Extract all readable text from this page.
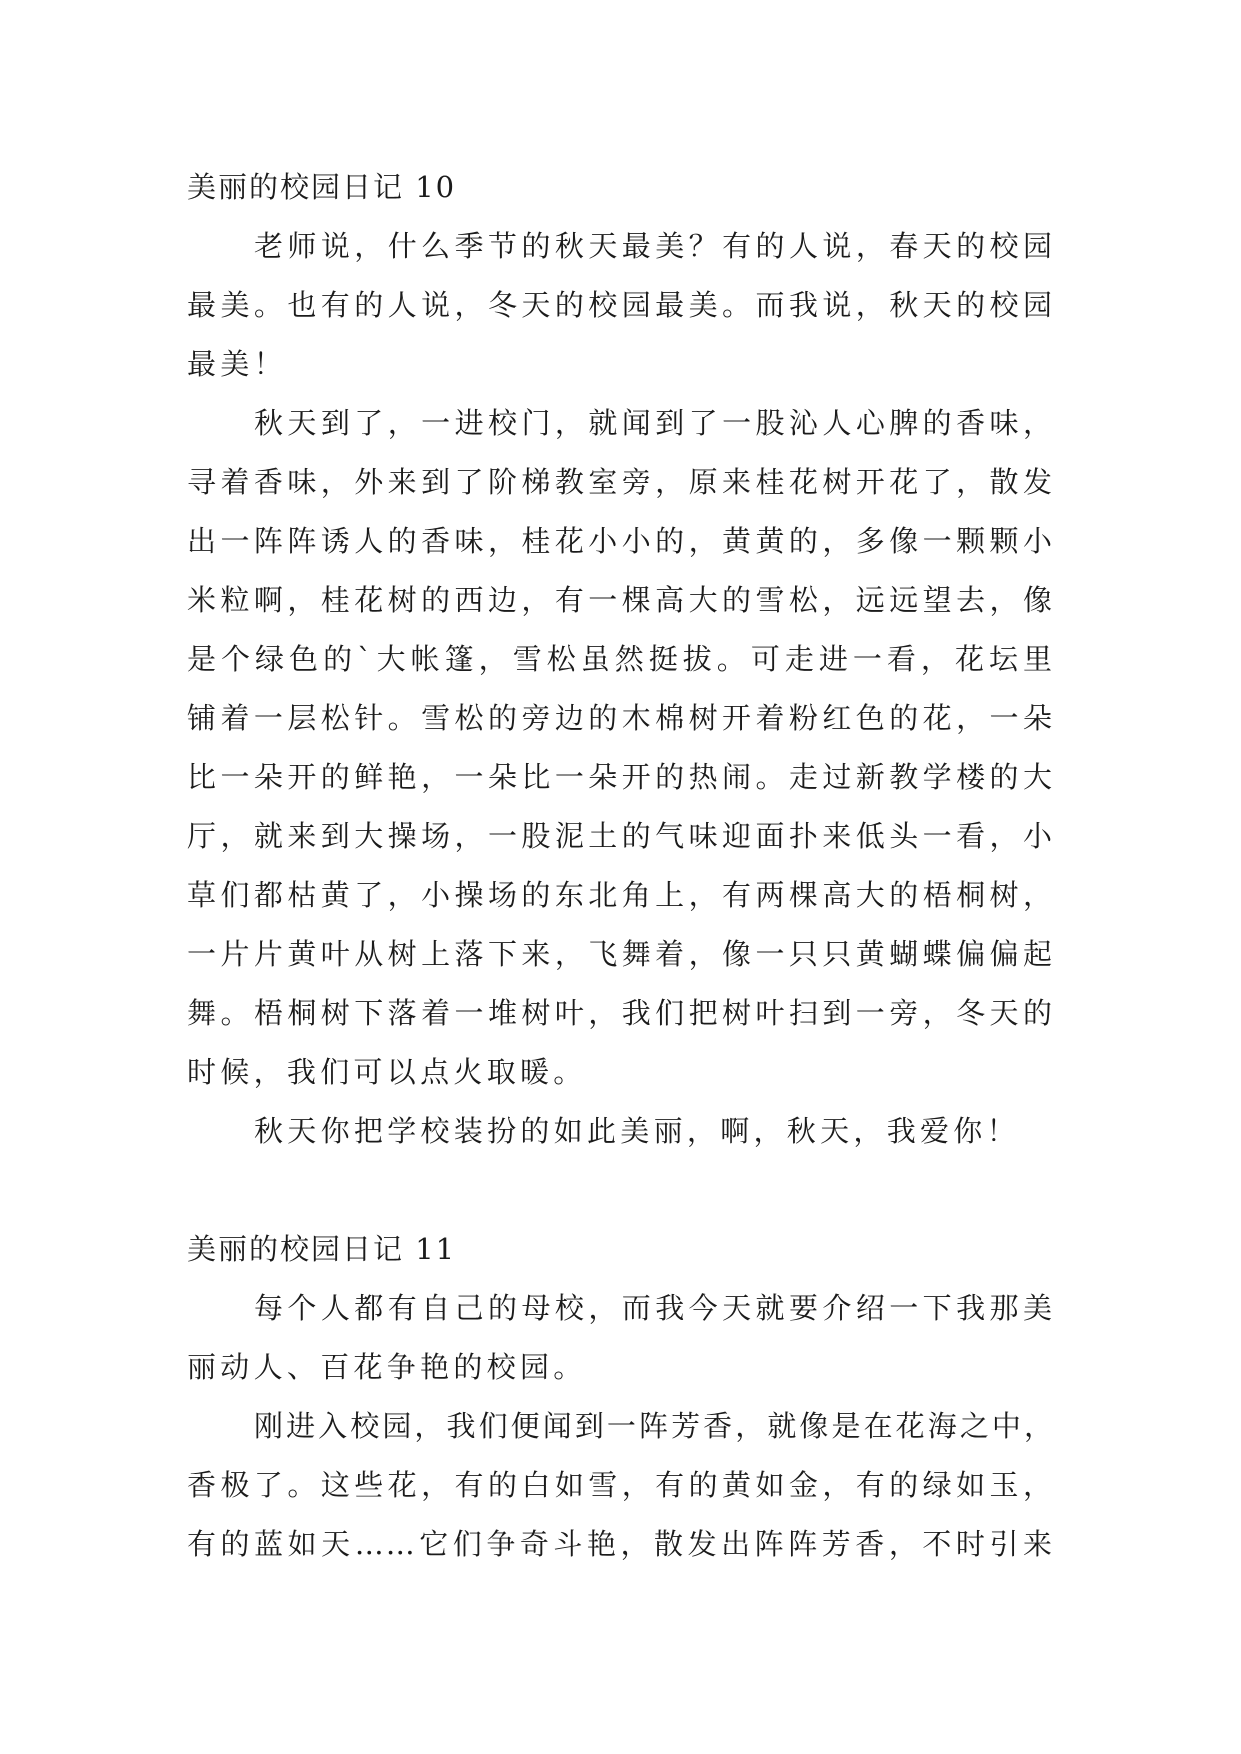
美丽的校园日记 10
老师说，什么季节的秋天最美？有的人说，春天的校园
最美。也有的人说，冬天的校园最美。而我说，秋天的校园
最美！
秋天到了，一进校门，就闻到了一股沁人心脾的香味，
寻着香味，外来到了阶梯教室旁，原来桂花树开花了，散发
出一阵阵诱人的香味，桂花小小的，黄黄的，多像一颗颗小
米粒啊，桂花树的西边，有一棵高大的雪松，远远望去，像
是个绿色的`大帐篷，雪松虽然挺拔。可走进一看，花坛里
铺着一层松针。雪松的旁边的木棉树开着粉红色的花，一朵
比一朵开的鲜艳，一朵比一朵开的热闹。走过新教学楼的大
厅，就来到大操场，一股泥土的气味迎面扑来低头一看，小
草们都枯黄了，小操场的东北角上，有两棵高大的梧桐树，
一片片黄叶从树上落下来，飞舞着，像一只只黄蝴蝶偏偏起
舞。梧桐树下落着一堆树叶，我们把树叶扫到一旁，冬天的
时候，我们可以点火取暖。
秋天你把学校装扮的如此美丽，啊，秋天，我爱你！
美丽的校园日记 11
每个人都有自己的母校，而我今天就要介绍一下我那美
丽动人、百花争艳的校园。
刚进入校园，我们便闻到一阵芳香，就像是在花海之中，
香极了。这些花，有的白如雪，有的黄如金，有的绿如玉，
有的蓝如天……它们争奇斗艳，散发出阵阵芳香，不时引来
